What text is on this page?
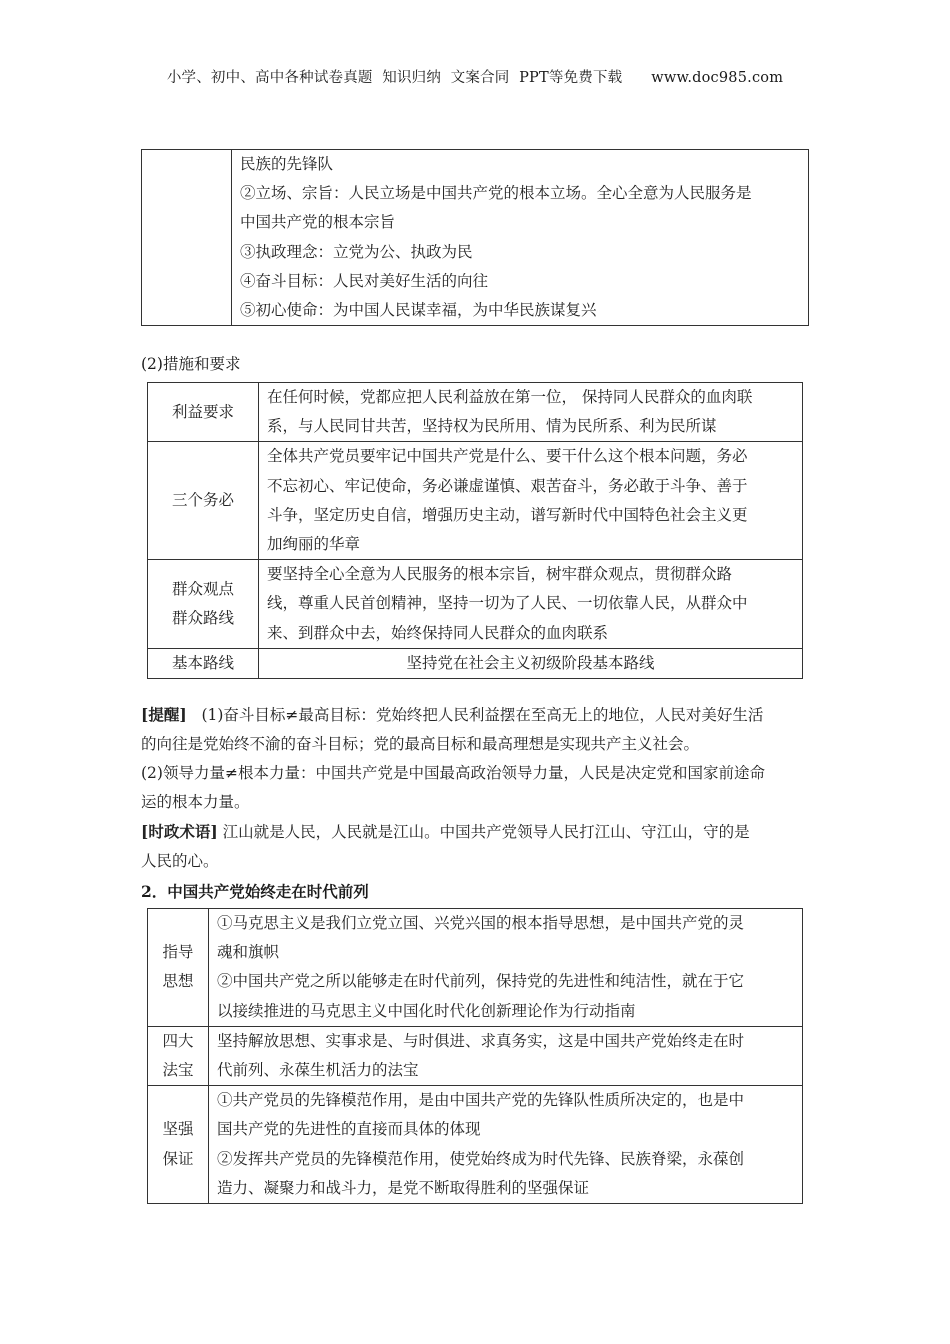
小学、初中、高中各种试卷真题  知识归纳  文案合同  PPT等免费下载      www.doc985.com

民族的先锋队
②立场、宗旨：人民立场是中国共产党的根本立场。全心全意为人民服务是
中国共产党的根本宗旨
③执政理念：立党为公、执政为民
④奋斗目标：人民对美好生活的向往
⑤初心使命：为中国人民谋幸福，为中华民族谋复兴
(2)措施和要求
利益要求	在任何时候，党都应把人民利益放在第一位， 保持同人民群众的血肉联
系，与人民同甘共苦，坚持权为民所用、情为民所系、利为民所谋

三个务必	全体共产党员要牢记中国共产党是什么、要干什么这个根本问题，务必
不忘初心、牢记使命，务必谦虚谨慎、艰苦奋斗，务必敢于斗争、善于
斗争，坚定历史自信，增强历史主动，谱写新时代中国特色社会主义更
加绚丽的华章

群众观点
群众路线	要坚持全心全意为人民服务的根本宗旨，树牢群众观点，贯彻群众路
线，尊重人民首创精神，坚持一切为了人民、一切依靠人民，从群众中
来、到群众中去，始终保持同人民群众的血肉联系

基本路线	坚持党在社会主义初级阶段基本路线
[提醒] (1)奋斗目标≠最高目标：党始终把人民利益摆在至高无上的地位，人民对美好生活
的向往是党始终不渝的奋斗目标；党的最高目标和最高理想是实现共产主义社会。
(2)领导力量≠根本力量：中国共产党是中国最高政治领导力量，人民是决定党和国家前途命
运的根本力量。
[时政术语] 江山就是人民，人民就是江山。中国共产党领导人民打江山、守江山，守的是
人民的心。
2．中国共产党始终走在时代前列
指导
思想	①马克思主义是我们立党立国、兴党兴国的根本指导思想，是中国共产党的灵
魂和旗帜
②中国共产党之所以能够走在时代前列，保持党的先进性和纯洁性，就在于它
以接续推进的马克思主义中国化时代化创新理论作为行动指南

四大
法宝	坚持解放思想、实事求是、与时俱进、求真务实，这是中国共产党始终走在时
代前列、永葆生机活力的法宝

坚强
保证	①共产党员的先锋模范作用，是由中国共产党的先锋队性质所决定的，也是中
国共产党的先进性的直接而具体的体现
②发挥共产党员的先锋模范作用，使党始终成为时代先锋、民族脊梁，永葆创
造力、凝聚力和战斗力，是党不断取得胜利的坚强保证
